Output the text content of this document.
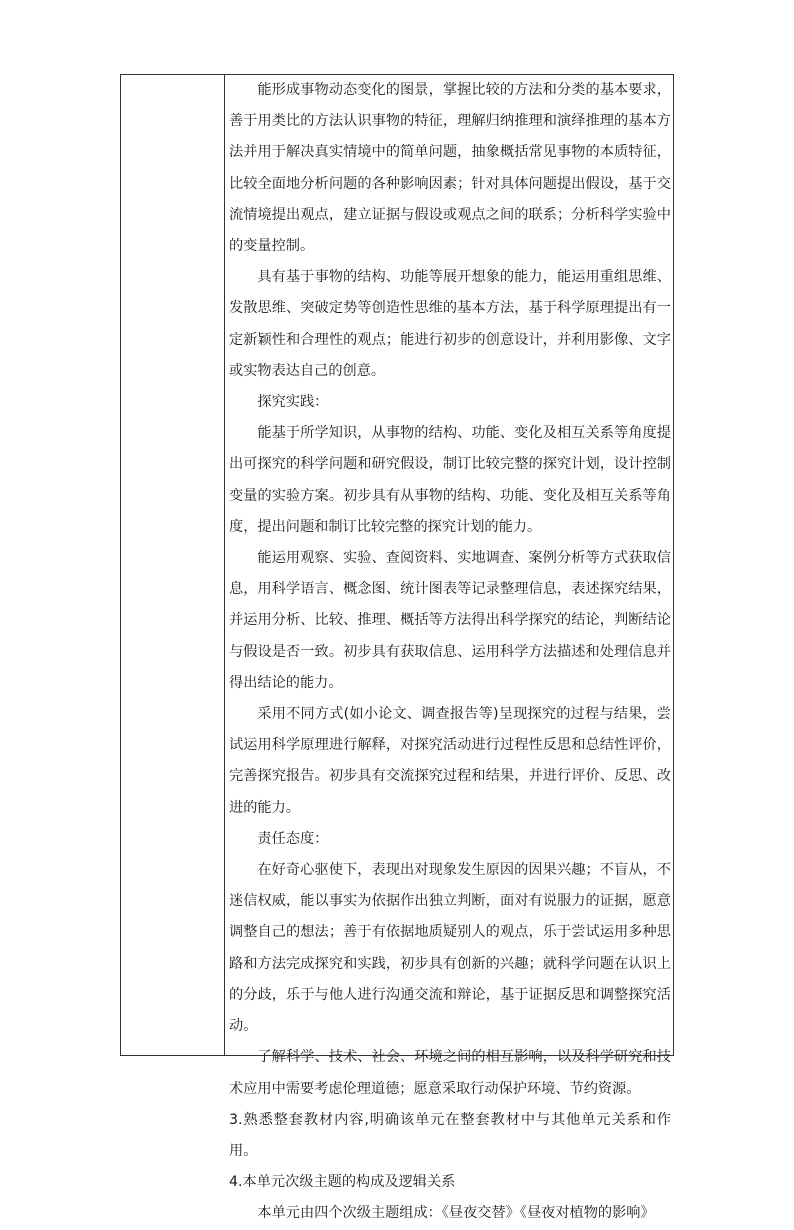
能形成事物动态变化的图景，掌握比较的方法和分类的基本要求，善于用类比的方法认识事物的特征，理解归纳推理和演绎推理的基本方法并用于解决真实情境中的简单问题，抽象概括常见事物的本质特征，比较全面地分析问题的各种影响因素；针对具体问题提出假设，基于交流情境提出观点，建立证据与假设或观点之间的联系；分析科学实验中的变量控制。

具有基于事物的结构、功能等展开想象的能力，能运用重组思维、发散思维、突破定势等创造性思维的基本方法，基于科学原理提出有一定新颖性和合理性的观点；能进行初步的创意设计，并利用影像、文字或实物表达自己的创意。

探究实践：

能基于所学知识，从事物的结构、功能、变化及相互关系等角度提出可探究的科学问题和研究假设，制订比较完整的探究计划，设计控制变量的实验方案。初步具有从事物的结构、功能、变化及相互关系等角度，提出问题和制订比较完整的探究计划的能力。

能运用观察、实验、查阅资料、实地调查、案例分析等方式获取信息，用科学语言、概念图、统计图表等记录整理信息，表述探究结果，并运用分析、比较、推理、概括等方法得出科学探究的结论，判断结论与假设是否一致。初步具有获取信息、运用科学方法描述和处理信息并得出结论的能力。

采用不同方式(如小论文、调查报告等)呈现探究的过程与结果，尝试运用科学原理进行解释，对探究活动进行过程性反思和总结性评价，完善探究报告。初步具有交流探究过程和结果，并进行评价、反思、改进的能力。

责任态度：

在好奇心驱使下，表现出对现象发生原因的因果兴趣；不盲从，不迷信权威，能以事实为依据作出独立判断，面对有说服力的证据，愿意调整自己的想法；善于有依据地质疑别人的观点，乐于尝试运用多种思路和方法完成探究和实践，初步具有创新的兴趣；就科学问题在认识上的分歧，乐于与他人进行沟通交流和辩论，基于证据反思和调整探究活动。

了解科学、技术、社会、环境之间的相互影响，以及科学研究和技术应用中需要考虑伦理道德；愿意采取行动保护环境、节约资源。

3.熟悉整套教材内容,明确该单元在整套教材中与其他单元关系和作用。

4.本单元次级主题的构成及逻辑关系

本单元由四个次级主题组成：《昼夜交替》《昼夜对植物的影响》
